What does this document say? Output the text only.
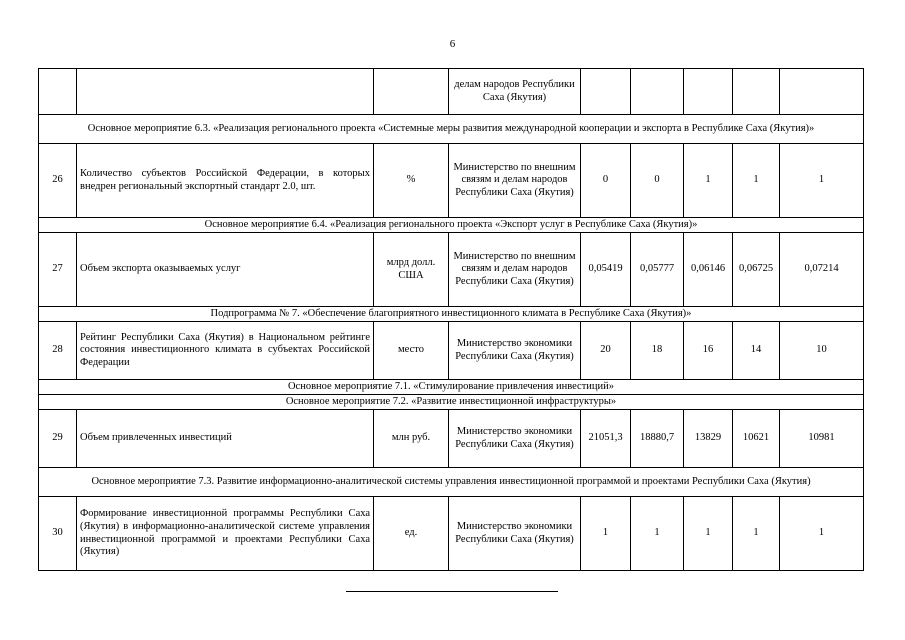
6
			делам народов Республики Саха (Якутия)					
Основное мероприятие 6.3. «Реализация регионального проекта «Системные меры развития международной кооперации и экспорта в Республике Саха (Якутия)»								
26	Количество субъектов Российской Федерации, в которых внедрен региональный экспортный стандарт 2.0, шт.	%	Министерство по внешним связям и делам народов Республики Саха (Якутия)	0	0	1	1	1
Основное мероприятие 6.4. «Реализация регионального проекта «Экспорт услуг в Республике Саха (Якутия)»								
27	Объем экспорта оказываемых услуг	млрд долл. США	Министерство по внешним связям и делам народов Республики Саха (Якутия)	0,05419	0,05777	0,06146	0,06725	0,07214
Подпрограмма № 7. «Обеспечение благоприятного инвестиционного климата в Республике Саха (Якутия)»								
28	Рейтинг Республики Саха (Якутия) в Национальном рейтинге состояния инвестиционного климата в субъектах Российской Федерации	место	Министерство экономики Республики Саха (Якутия)	20	18	16	14	10
Основное мероприятие 7.1. «Стимулирование привлечения инвестиций»								
Основное мероприятие 7.2. «Развитие инвестиционной инфраструктуры»								
29	Объем привлеченных инвестиций	млн руб.	Министерство экономики Республики Саха (Якутия)	21051,3	18880,7	13829	10621	10981
Основное мероприятие 7.3. Развитие информационно-аналитической системы управления инвестиционной программой и проектами Республики Саха (Якутия)								
30	Формирование инвестиционной программы Республики Саха (Якутия) в информационно-аналитической системе управления инвестиционной программой и проектами Республики Саха (Якутия)	ед.	Министерство экономики Республики Саха (Якутия)	1	1	1	1	1
